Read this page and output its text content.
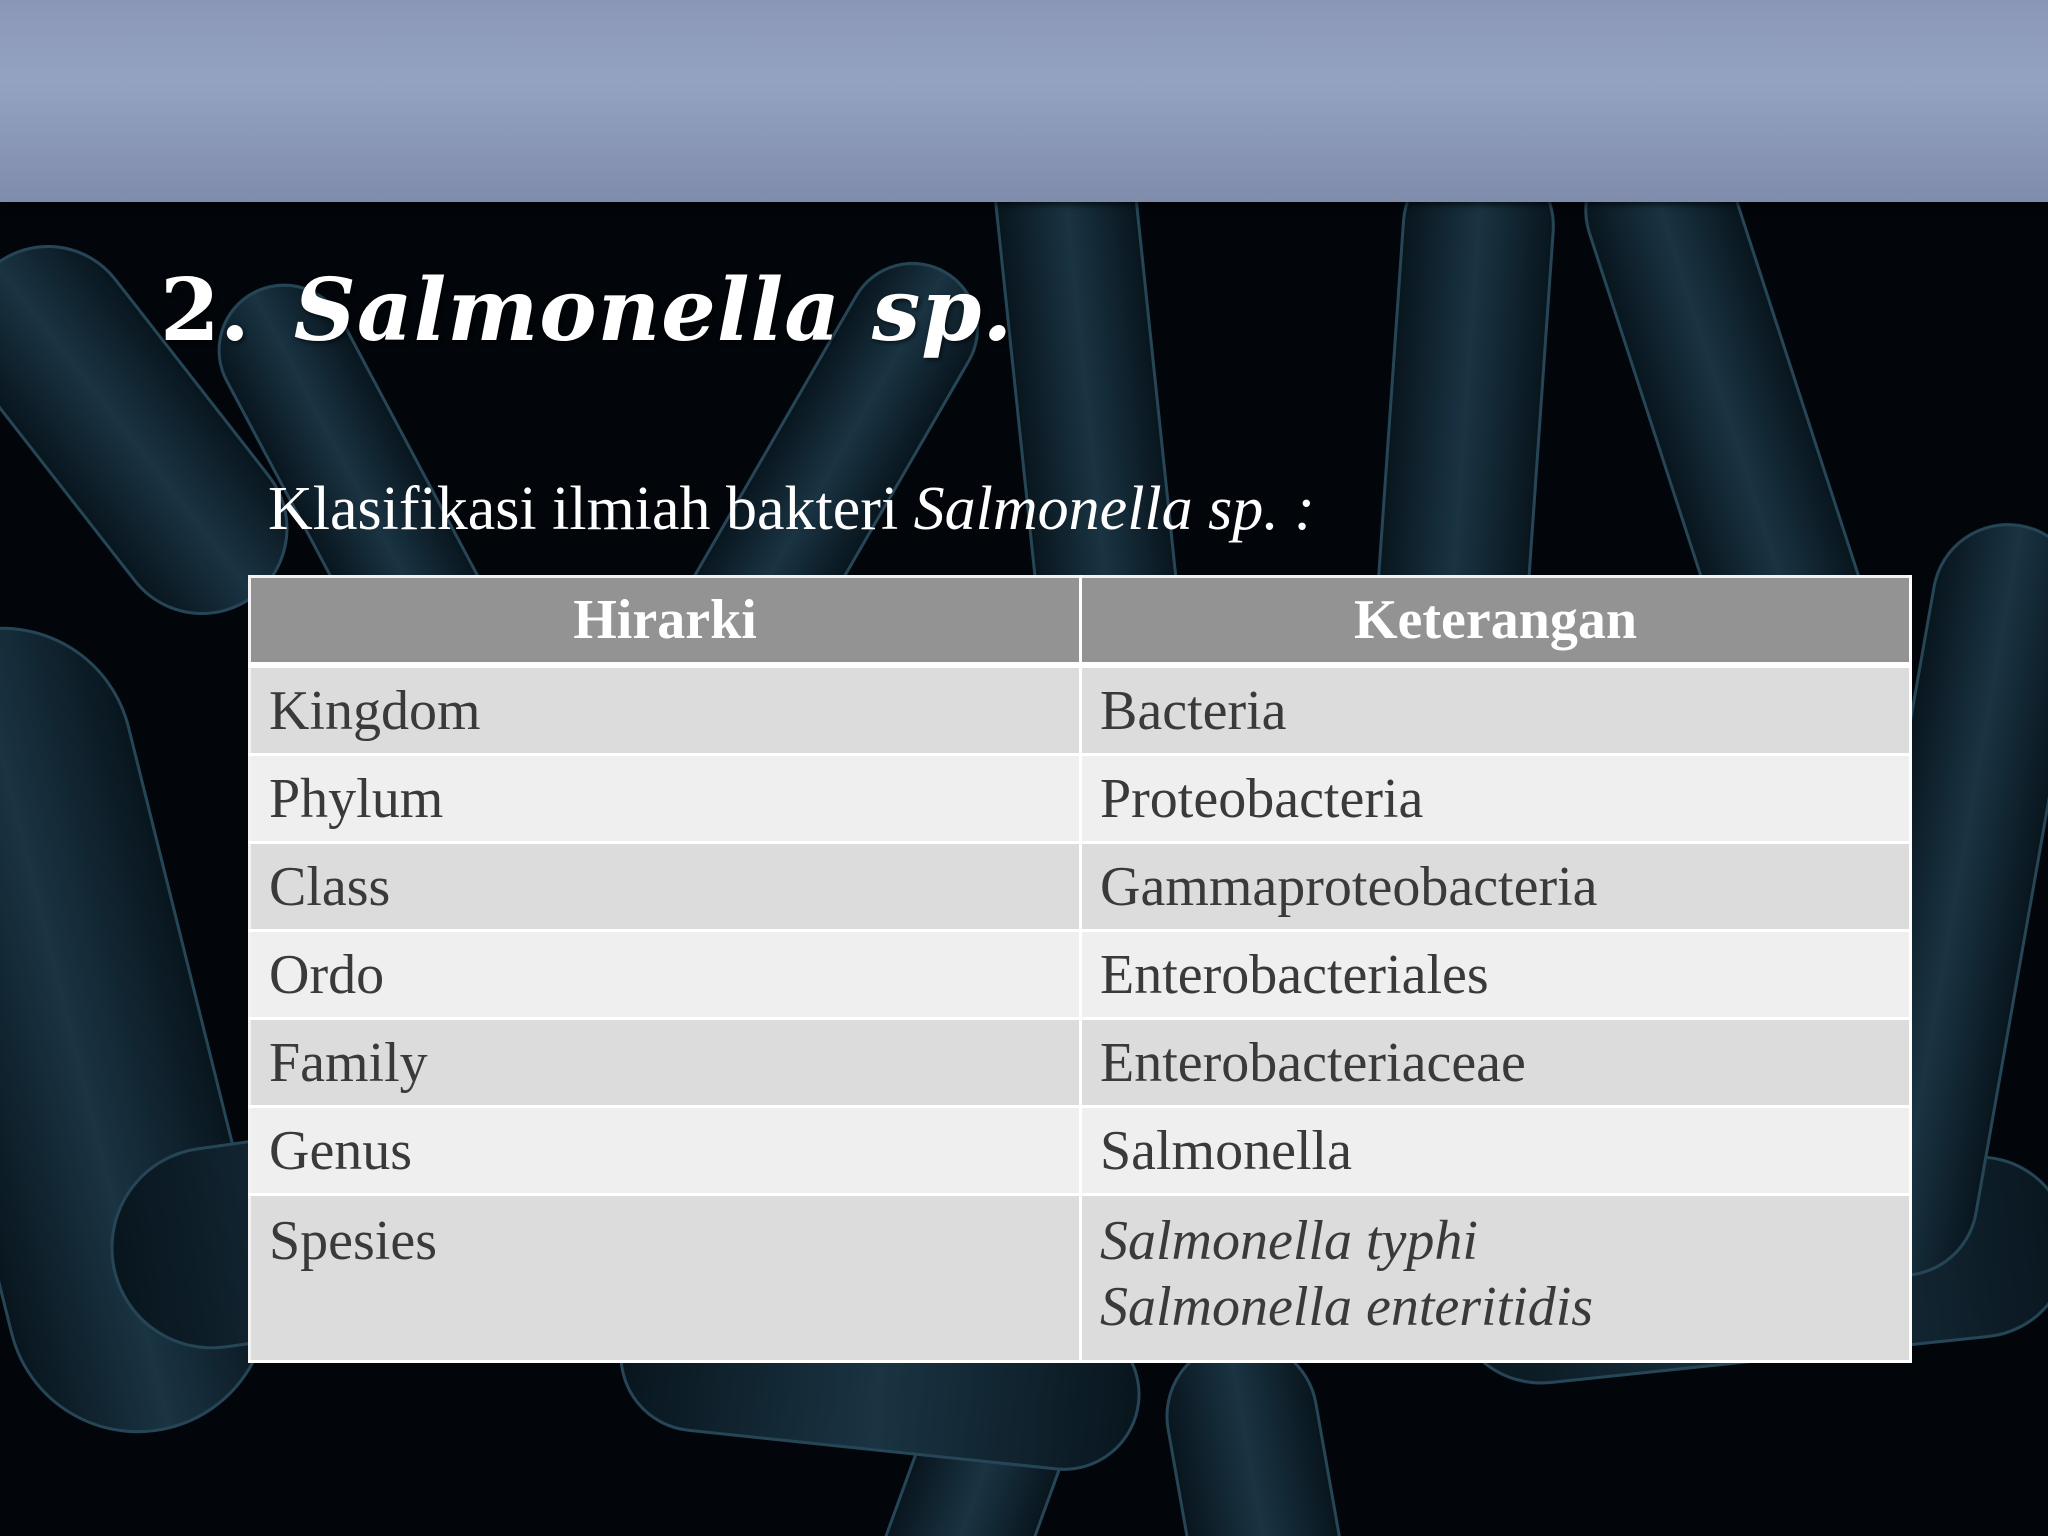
2. Salmonella sp.

Klasifikasi ilmiah bakteri Salmonella sp. :

Hirarki	Keterangan
Kingdom	Bacteria
Phylum	Proteobacteria
Class	Gammaproteobacteria
Ordo	Enterobacteriales
Family	Enterobacteriaceae
Genus	Salmonella
Spesies	Salmonella typhi
Salmonella enteritidis
